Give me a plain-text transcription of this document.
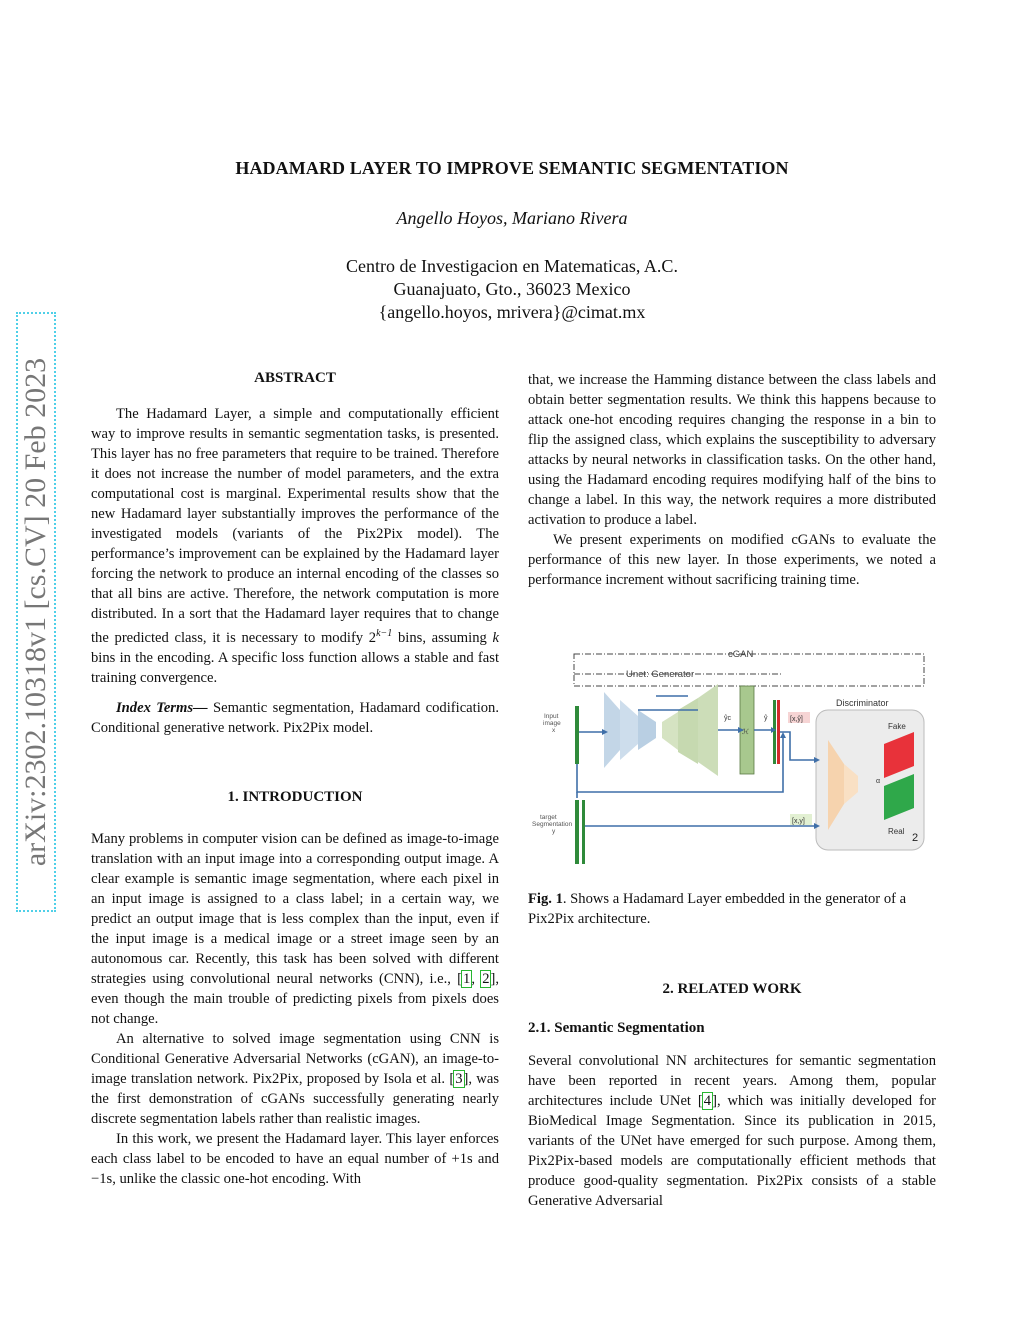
HADAMARD LAYER TO IMPROVE SEMANTIC SEGMENTATION
Angello Hoyos, Mariano Rivera
Centro de Investigacion en Matematicas, A.C.
Guanajuato, Gto., 36023 Mexico
{angello.hoyos, mrivera}@cimat.mx
arXiv:2302.10318v1 [cs.CV] 20 Feb 2023	ABSTRACT

The Hadamard Layer, a simple and computationally efficient way to improve results in semantic segmentation tasks, is presented. This layer has no free parameters that require to be trained. Therefore it does not increase the number of model parameters, and the extra computational cost is marginal. Experimental results show that the new Hadamard layer substantially improves the performance of the investigated models (variants of the Pix2Pix model). The performance’s improvement can be explained by the Hadamard layer forcing the network to produce an internal encoding of the classes so that all bins are active. Therefore, the network computation is more distributed. In a sort that the Hadamard layer requires that to change the predicted class, it is necessary to modify $2^{k-1}$ bins, assuming k bins in the encoding. A specific loss function allows a stable and fast training convergence.

Index Terms— Semantic segmentation, Hadamard codification. Conditional generative network. Pix2Pix model.

1. INTRODUCTION

Many problems in computer vision can be defined as image-to-image translation with an input image into a corresponding output image. A clear example is semantic image segmentation, where each pixel in an input image is assigned to a class label; in a certain way, we predict an output image that is less complex than the input, even if the input image is a medical image or a street image seen by an autonomous car. Recently, this task has been solved with different strategies using convolutional neural networks (CNN), i.e., [1, 2], even though the main trouble of predicting pixels from pixels does not change.

An alternative to solved image segmentation using CNN is Conditional Generative Adversarial Networks (cGAN), an image-to-image translation network. Pix2Pix, proposed by Isola et al. [3], was the first demonstration of cGANs successfully generating nearly discrete segmentation labels rather than realistic images.

In this work, we present the Hadamard layer. This layer enforces each class label to be encoded to have an equal number of +1s and −1s, unlike the classic one-hot encoding. With

that, we increase the Hamming distance between the class labels and obtain better segmentation results. We think this happens because to attack one-hot encoding requires changing the response in a bin to flip the assigned class, which explains the susceptibility to adversary attacks by neural networks in classification tasks. On the other hand, using the Hadamard encoding requires modifying half of the bins to change a label. In this way, the network requires a more distributed activation to produce a label.

We present experiments on modified cGANs to evaluate the performance of this new layer. In those experiments, we noted a performance increment without sacrificing training time.

cGAN
Unet: Generator
Input
image
x	ℋ
ŷc	ŷ	[x,ŷ]
[x,y]
Discriminator
α
Fake
Real
2
target
Segmentation
y
Fig. 1. Shows a Hadamard Layer embedded in the generator of a Pix2Pix architecture.
2. RELATED WORK
2.1. Semantic Segmentation

Several convolutional NN architectures for semantic segmentation have been reported in recent years. Among them, popular architectures include UNet [4], which was initially developed for BioMedical Image Segmentation. Since its publication in 2015, variants of the UNet have emerged for such purpose. Among them, Pix2Pix-based models are computationally efficient methods that produce good-quality segmentation. Pix2Pix consists of a stable Generative Adversarial
